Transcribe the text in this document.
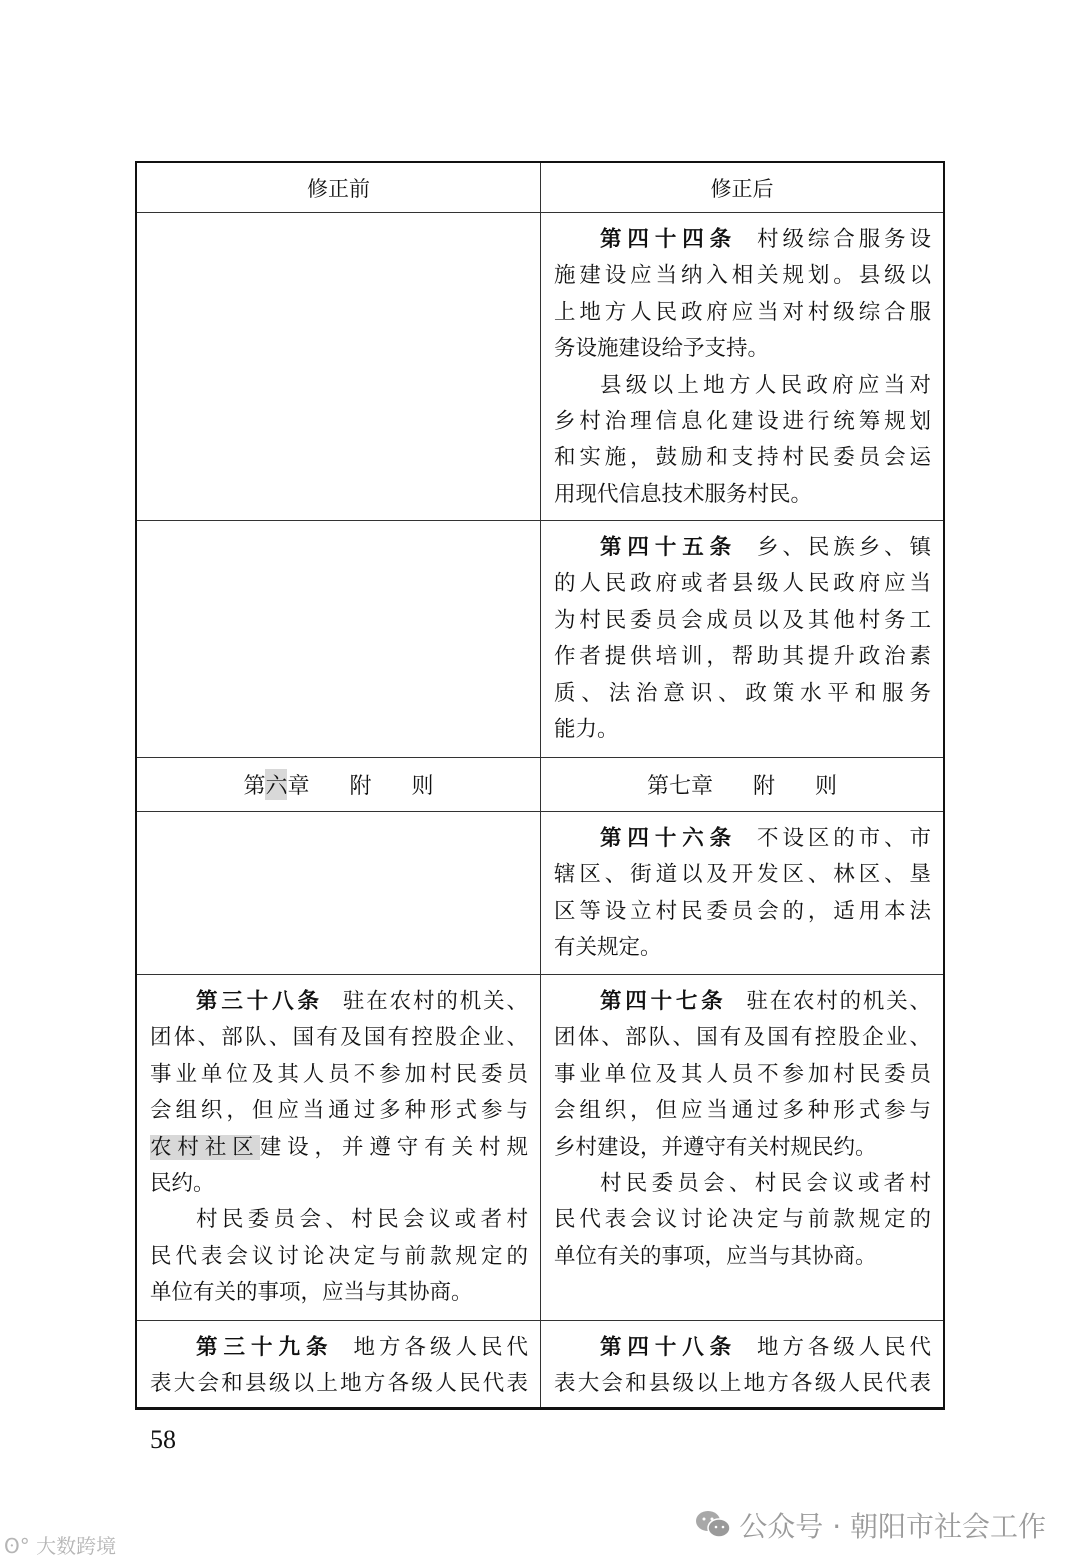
修正前	修正后
第四十四条 村级综合服务设
施建设应当纳入相关规划。县级以
上地方人民政府应当对村级综合服
务设施建设给予支持。
县级以上地方人民政府应当对
乡村治理信息化建设进行统筹规划
和实施，鼓励和支持村民委员会运
用现代信息技术服务村民。
第四十五条 乡、民族乡、镇
的人民政府或者县级人民政府应当
为村民委员会成员以及其他村务工
作者提供培训，帮助其提升政治素
质、法治意识、政策水平和服务
能力。
第 六 章 附 则	第七章 附 则
第四十六条 不设区的市、市
辖区、街道以及开发区、林区、垦
区等设立村民委员会的，适用本法
有关规定。
第三十八条 驻在农村的机关、
团体、部队、国有及国有控股企业、
事业单位及其人员不参加村民委员
会组织，但应当通过多种形式参与
农村社区建设，并遵守有关村规
民约。
村民委员会、村民会议或者村
民代表会议讨论决定与前款规定的
单位有关的事项，应当与其协商。
第四十七条 驻在农村的机关、
团体、部队、国有及国有控股企业、
事业单位及其人员不参加村民委员
会组织，但应当通过多种形式参与
乡村建设，并遵守有关村规民约。
村民委员会、村民会议或者村
民代表会议讨论决定与前款规定的
单位有关的事项，应当与其协商。
第三十九条 地方各级人民代
表大会和县级以上地方各级人民代表
第四十八条 地方各级人民代
表大会和县级以上地方各级人民代表
58
公众号 · 朝阳市社会工作
ʘ° 大数跨境
